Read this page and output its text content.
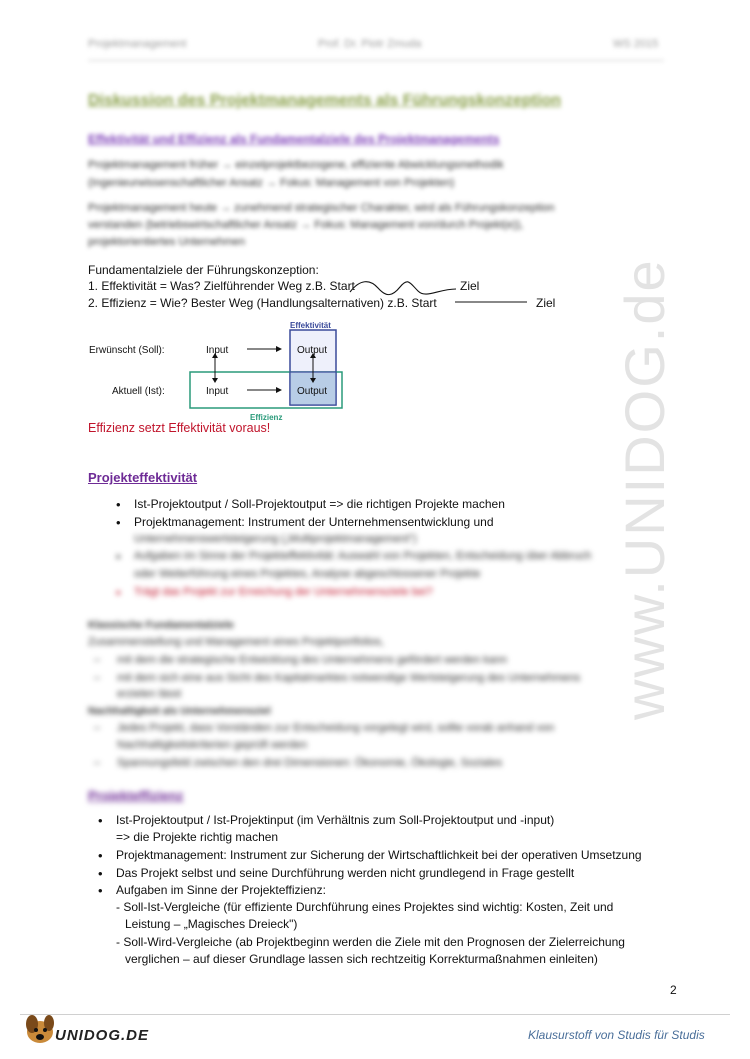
Projektmanagement	Prof. Dr. Piotr Zmuda	WS 2015
www.UNIDOG.de
Diskussion des Projektmanagements als Führungskonzeption
Effektivität und Effizienz als Fundamentalziele des Projektmanagements
Projektmanagement früher → einzelprojektbezogene, effiziente Abwicklungsmethodik
(Ingenieurwissenschaftlicher Ansatz → Fokus: Management von Projekten)
Projektmanagement heute → zunehmend strategischer Charakter, wird als Führungskonzeption
verstanden (betriebswirtschaftlicher Ansatz → Fokus: Management von/durch Projekt(e)),
projektorientiertes Unternehmen
Fundamentalziele der Führungskonzeption:
1. Effektivität = Was? Zielführender Weg z.B. Start	Ziel
2. Effizienz = Wie? Bester Weg (Handlungsalternativen) z.B. Start	Ziel
Effektivität
Erwünscht (Soll):	Input	Output
Aktuell (Ist):	Input	Output
Effizienz
Effizienz setzt Effektivität voraus!
Projekteffektivität
• Ist-Projektoutput / Soll-Projektoutput => die richtigen Projekte machen
• Projektmanagement: Instrument der Unternehmensentwicklung und
Unternehmenswertsteigerung („Multiprojektmanagement")
• Aufgaben im Sinne der Projekteffektivität: Auswahl von Projekten, Entscheidung über Abbruch
oder Weiterführung eines Projektes, Analyse abgeschlossener Projekte
• Trägt das Projekt zur Erreichung der Unternehmensziele bei?
Klassische Fundamentalziele
Zusammenstellung und Management eines Projektportfolios,
– mit dem die strategische Entwicklung des Unternehmens gefördert werden kann
– mit dem sich eine aus Sicht des Kapitalmarktes notwendige Wertsteigerung des Unternehmens
erzielen lässt
Nachhaltigkeit als Unternehmensziel
– Jedes Projekt, dass Vorständen zur Entscheidung vorgelegt wird, sollte vorab anhand von
Nachhaltigkeitskriterien geprüft werden
– Spannungsfeld zwischen den drei Dimensionen: Ökonomie, Ökologie, Soziales
Projekteffizienz
• Ist-Projektoutput / Ist-Projektinput (im Verhältnis zum Soll-Projektoutput und -input)
=> die Projekte richtig machen
• Projektmanagement: Instrument zur Sicherung der Wirtschaftlichkeit bei der operativen Umsetzung
• Das Projekt selbst und seine Durchführung werden nicht grundlegend in Frage gestellt
• Aufgaben im Sinne der Projekteffizienz:
- Soll-Ist-Vergleiche (für effiziente Durchführung eines Projektes sind wichtig: Kosten, Zeit und
Leistung – „Magisches Dreieck")
- Soll-Wird-Vergleiche (ab Projektbeginn werden die Ziele mit den Prognosen der Zielerreichung
verglichen – auf dieser Grundlage lassen sich rechtzeitig Korrekturmaßnahmen einleiten)
2
UNIDOG.DE	Klausurstoff von Studis für Studis
